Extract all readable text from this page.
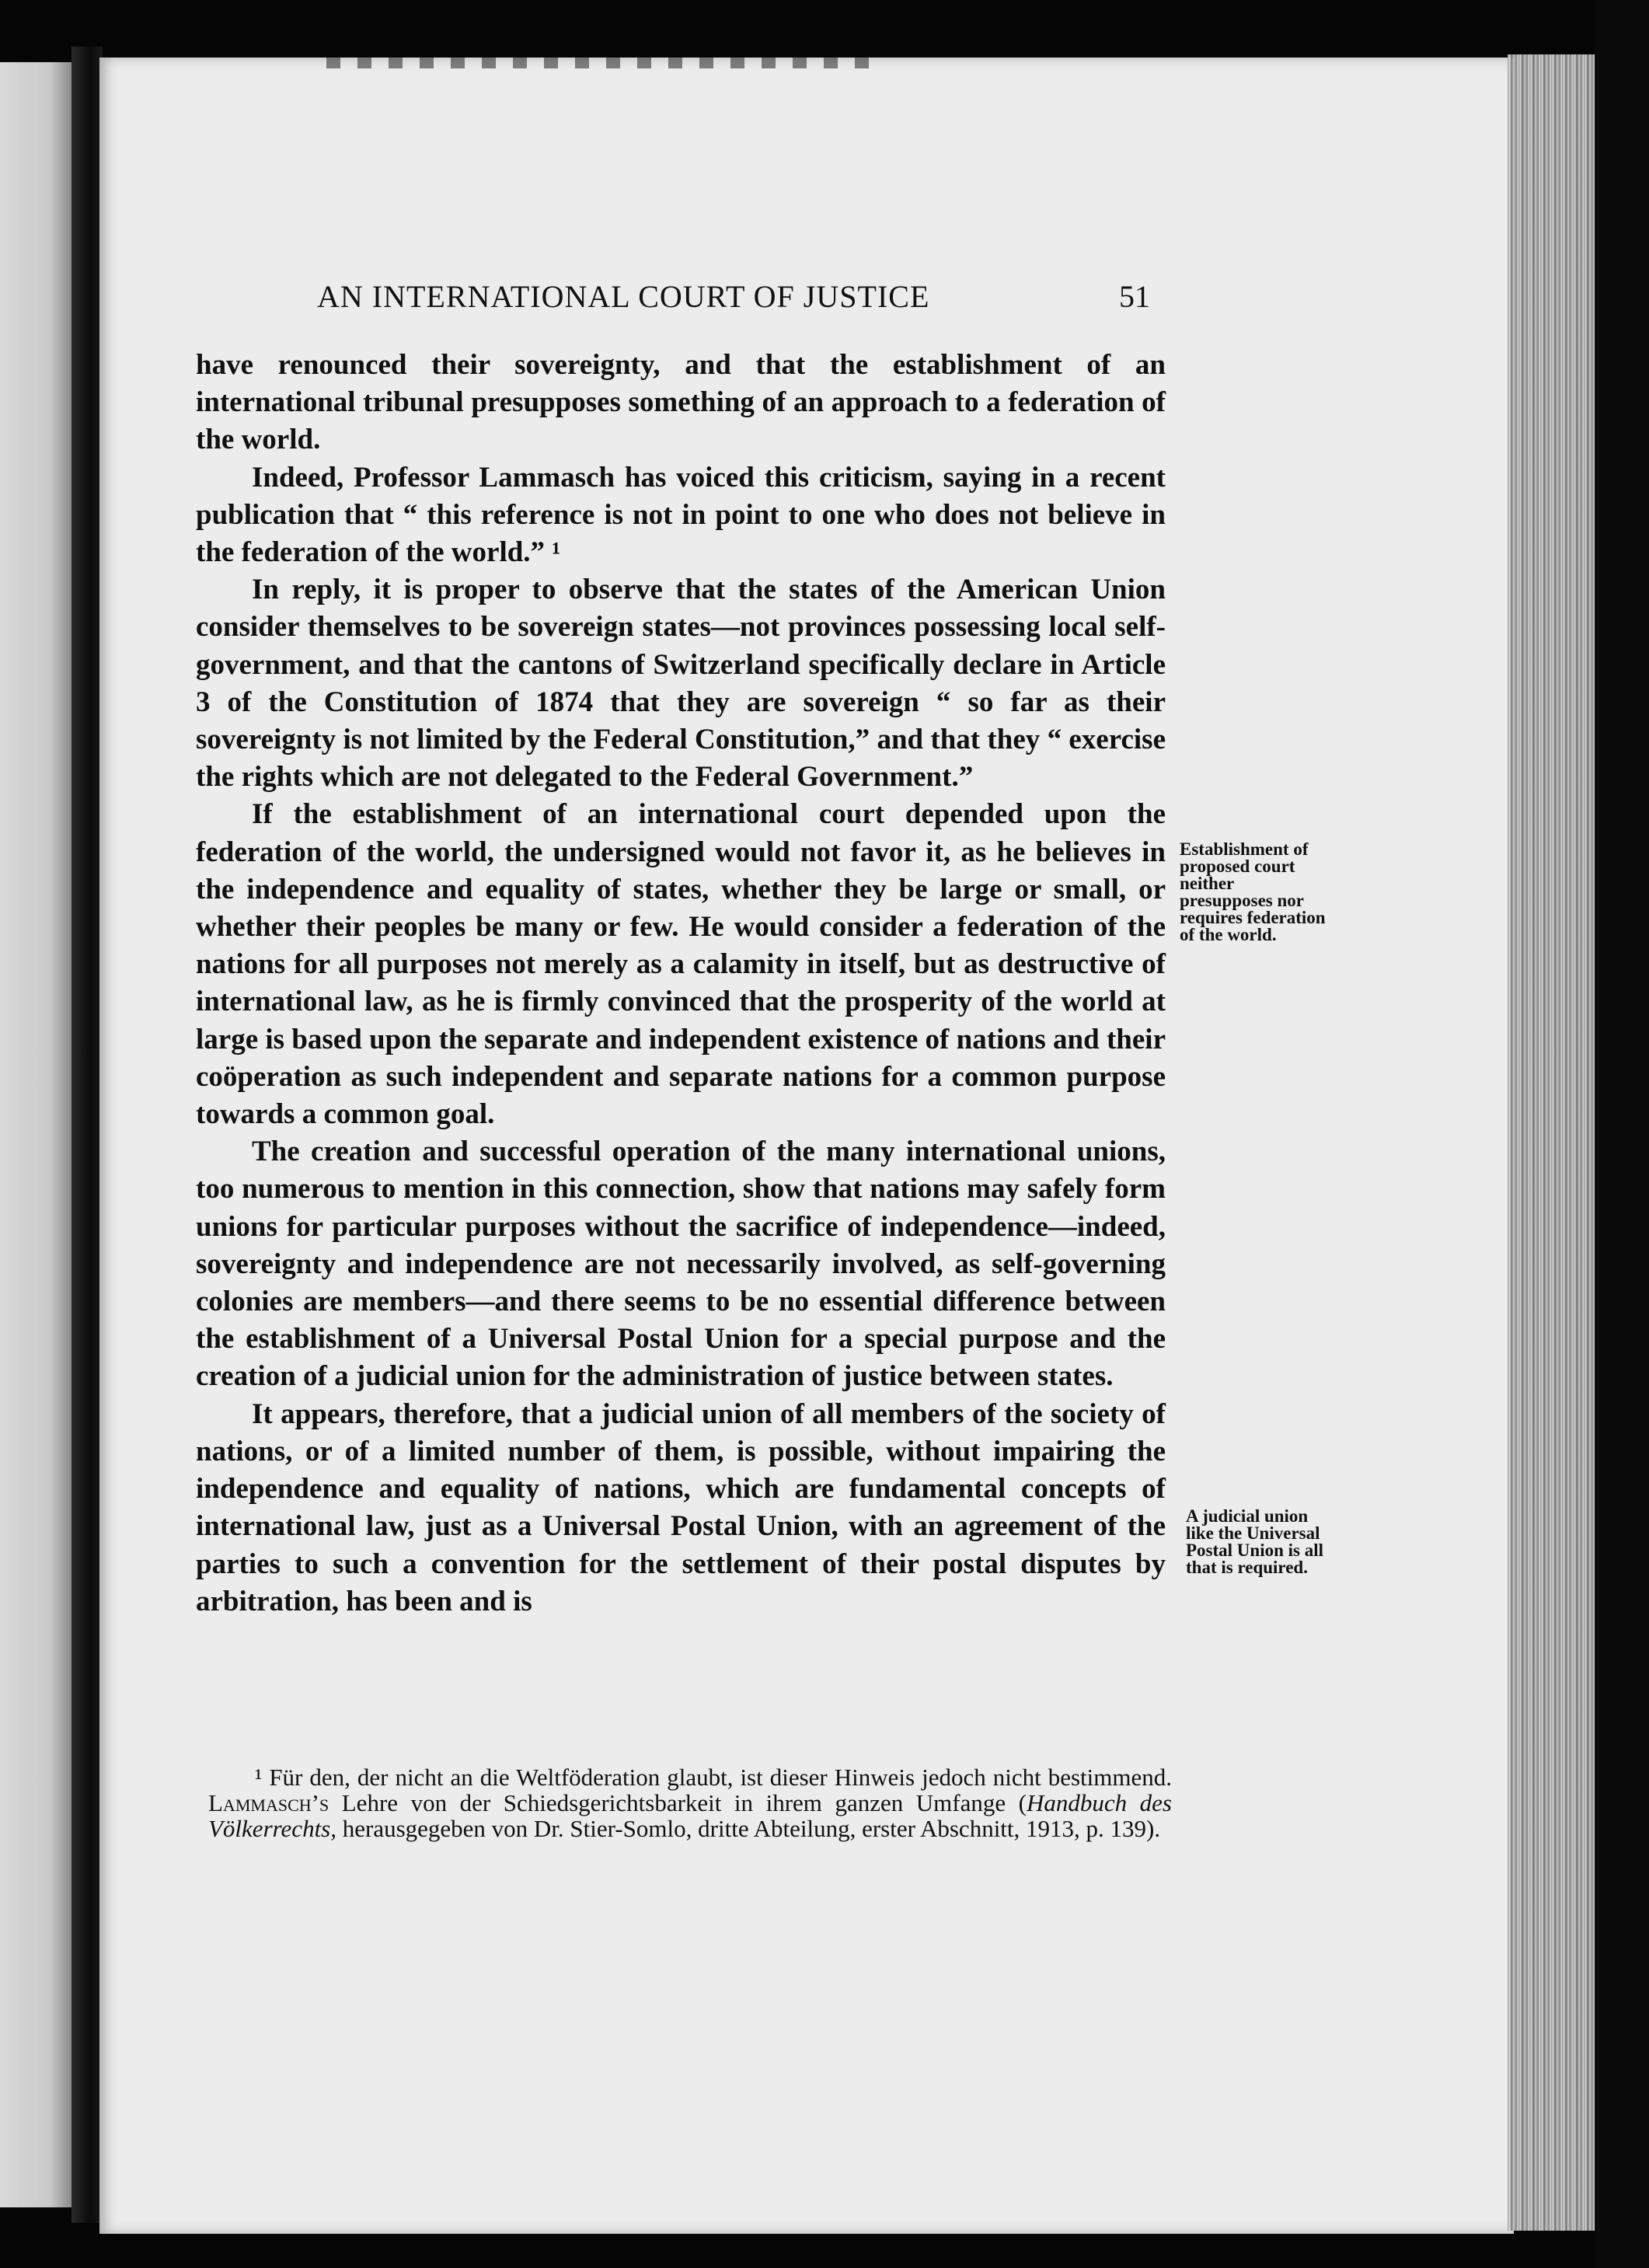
AN INTERNATIONAL COURT OF JUSTICE	51

have renounced their sovereignty, and that the establishment of an international tribunal presupposes something of an approach to a federation of the world.

Indeed, Professor Lammasch has voiced this criticism, saying in a recent publication that “ this reference is not in point to one who does not believe in the federation of the world.” ¹

In reply, it is proper to observe that the states of the American Union consider themselves to be sovereign states—not provinces possessing local self-government, and that the cantons of Switzerland specifically declare in Article 3 of the Constitution of 1874 that they are sovereign “ so far as their sovereignty is not limited by the Federal Constitution,” and that they “ exercise the rights which are not delegated to the Federal Government.”

If the establishment of an international court depended upon the federation of the world, the undersigned would not favor it, as he believes in the independence and equality of states, whether they be large or small, or whether their peoples be many or few. He would consider a federation of the nations for all purposes not merely as a calamity in itself, but as destructive of international law, as he is firmly convinced that the prosperity of the world at large is based upon the separate and independent existence of nations and their coöperation as such independent and separate nations for a common purpose towards a common goal.

The creation and successful operation of the many international unions, too numerous to mention in this connection, show that nations may safely form unions for particular purposes without the sacrifice of independence—indeed, sovereignty and independence are not necessarily involved, as self-governing colonies are members—and there seems to be no essential difference between the establishment of a Universal Postal Union for a special purpose and the creation of a judicial union for the administration of justice between states.

It appears, therefore, that a judicial union of all members of the society of nations, or of a limited number of them, is possible, without impairing the independence and equality of nations, which are fundamental concepts of international law, just as a Universal Postal Union, with an agreement of the parties to such a convention for the settlement of their postal disputes by arbitration, has been and is

Establishment of proposed court neither presupposes nor requires federation of the world.
A judicial union like the Universal Postal Union is all that is required.

¹ Für den, der nicht an die Weltföderation glaubt, ist dieser Hinweis jedoch nicht bestimmend. Lammasch’s Lehre von der Schiedsgerichtsbarkeit in ihrem ganzen Umfange (Handbuch des Völkerrechts, herausgegeben von Dr. Stier-Somlo, dritte Abteilung, erster Abschnitt, 1913, p. 139).
